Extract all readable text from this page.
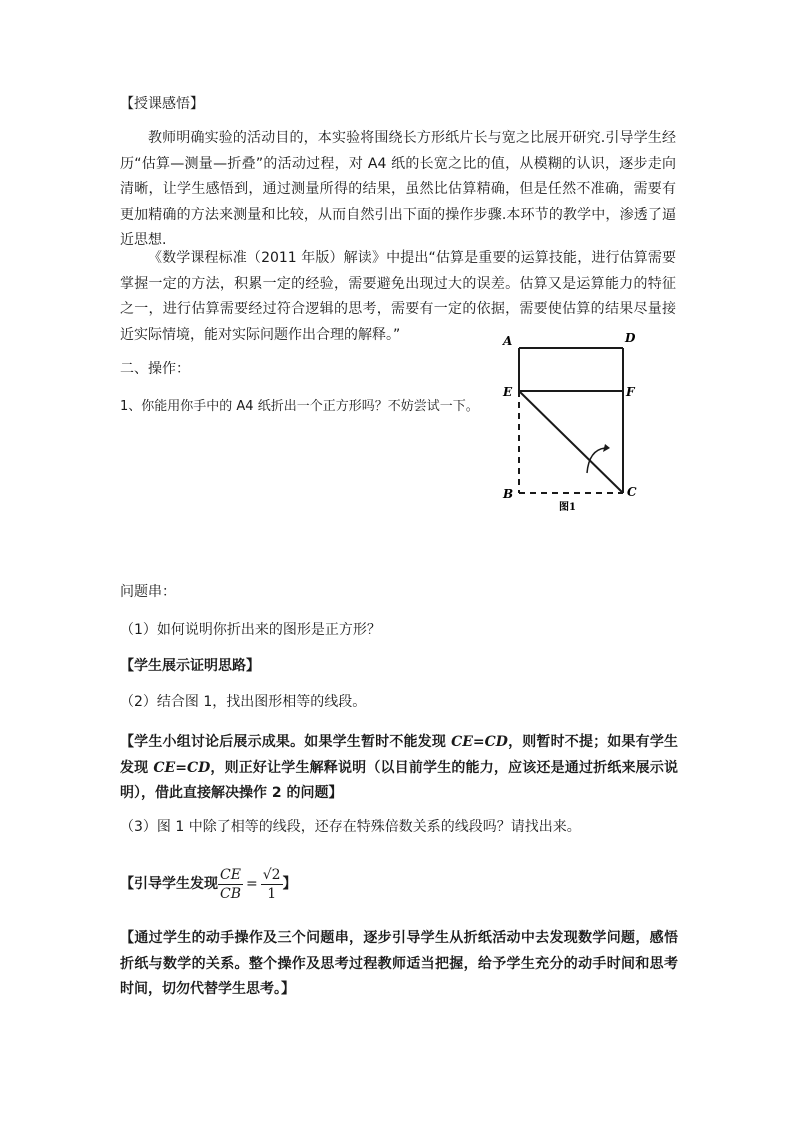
【授课感悟】
教师明确实验的活动目的，本实验将围绕长方形纸片长与宽之比展开研究.引导学生经历“估算—测量—折叠”的活动过程，对 A4 纸的长宽之比的值，从模糊的认识，逐步走向清晰，让学生感悟到，通过测量所得的结果，虽然比估算精确，但是任然不准确，需要有更加精确的方法来测量和比较，从而自然引出下面的操作步骤.本环节的教学中，渗透了逼近思想.
《数学课程标准（2011 年版）解读》中提出“估算是重要的运算技能，进行估算需要掌握一定的方法，积累一定的经验，需要避免出现过大的误差。估算又是运算能力的特征之一，进行估算需要经过符合逻辑的思考，需要有一定的依据，需要使估算的结果尽量接近实际情境，能对实际问题作出合理的解释。”
二、操作：
1、你能用你手中的 A4 纸折出一个正方形吗？不妨尝试一下。
A	D
E	F
B	C
图1
问题串：
（1）如何说明你折出来的图形是正方形？
【学生展示证明思路】
（2）结合图 1，找出图形相等的线段。
【学生小组讨论后展示成果。如果学生暂时不能发现 CE=CD，则暂时不提；如果有学生发现 CE=CD，则正好让学生解释说明（以目前学生的能力，应该还是通过折纸来展示说明），借此直接解决操作 2 的问题】
（3）图 1 中除了相等的线段，还存在特殊倍数关系的线段吗？请找出来。
【引导学生发现 $\frac{CE}{CB} = \frac{√2}{1}$ 】
【通过学生的动手操作及三个问题串，逐步引导学生从折纸活动中去发现数学问题，感悟折纸与数学的关系。整个操作及思考过程教师适当把握，给予学生充分的动手时间和思考时间，切勿代替学生思考。】
